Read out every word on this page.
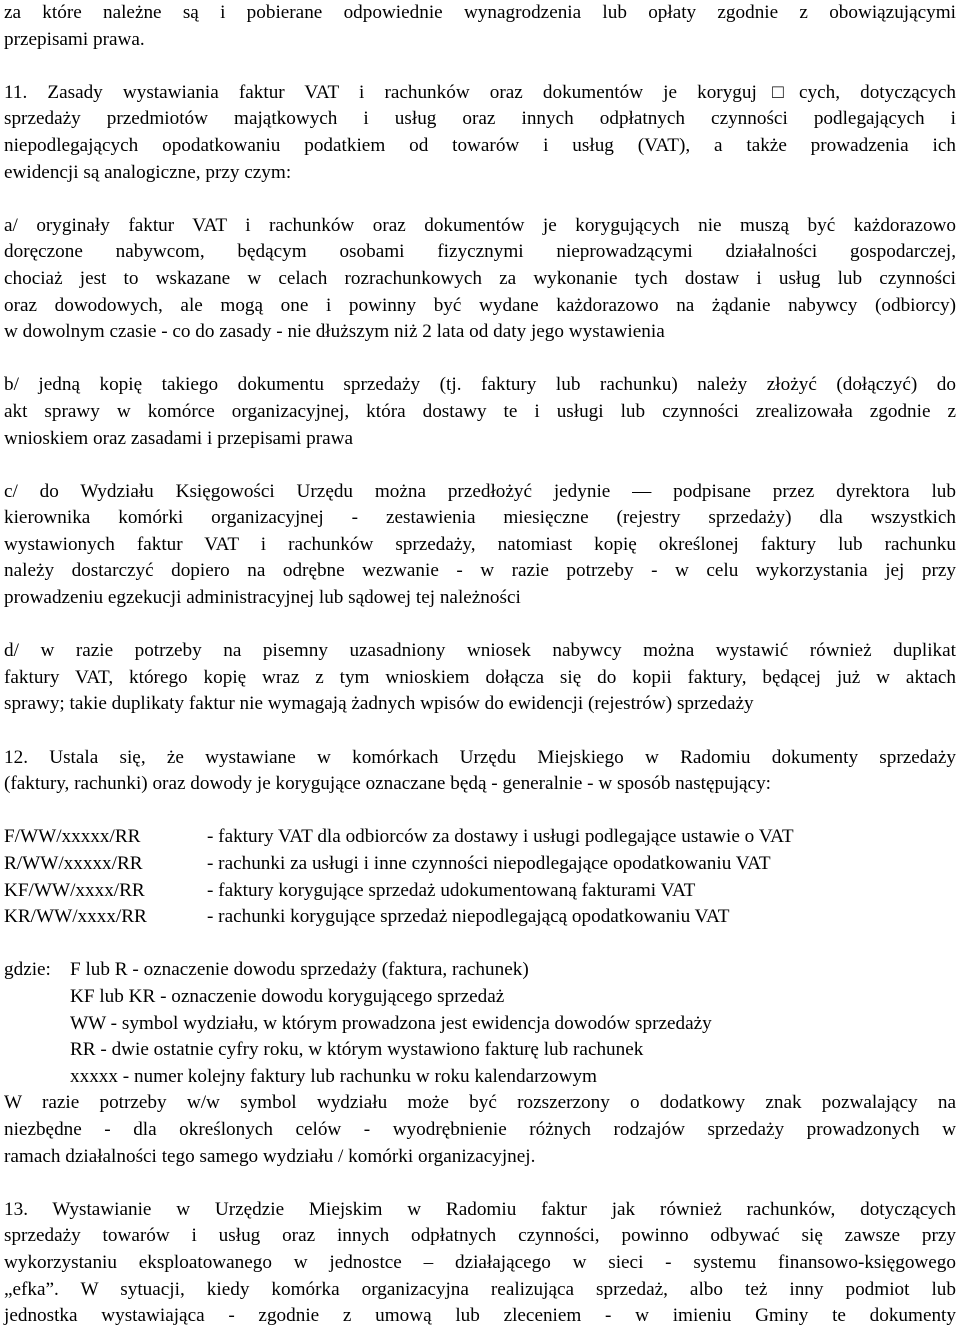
za które należne są i pobierane odpowiednie wynagrodzenia lub opłaty zgodnie z obowiązującymi
przepisami prawa.

11. Zasady wystawiania faktur VAT i rachunków oraz dokumentów je koryguj□cych, dotyczących
sprzedaży przedmiotów majątkowych i usług oraz innych odpłatnych czynności podlegających i
niepodlegających opodatkowaniu podatkiem od towarów i usług (VAT), a także prowadzenia ich
ewidencji są analogiczne, przy czym:

a/ oryginały faktur VAT i rachunków oraz dokumentów je korygujących nie muszą być każdorazowo
doręczone nabywcom, będącym osobami fizycznymi nieprowadzącymi działalności gospodarczej,
chociaż jest to wskazane w celach rozrachunkowych za wykonanie tych dostaw i usług lub czynności
oraz dowodowych, ale mogą one i powinny być wydane każdorazowo na żądanie nabywcy (odbiorcy)
w dowolnym czasie - co do zasady - nie dłuższym niż 2 lata od daty jego wystawienia

b/ jedną kopię takiego dokumentu sprzedaży (tj. faktury lub rachunku) należy złożyć (dołączyć) do
akt sprawy w komórce organizacyjnej, która dostawy te i usługi lub czynności zrealizowała zgodnie z
wnioskiem oraz zasadami i przepisami prawa

c/ do Wydziału Księgowości Urzędu można przedłożyć jedynie — podpisane przez dyrektora lub
kierownika komórki organizacyjnej - zestawienia miesięczne (rejestry sprzedaży) dla wszystkich
wystawionych faktur VAT i rachunków sprzedaży, natomiast kopię określonej faktury lub rachunku
należy dostarczyć dopiero na odrębne wezwanie - w razie potrzeby - w celu wykorzystania jej przy
prowadzeniu egzekucji administracyjnej lub sądowej tej należności

d/ w razie potrzeby na pisemny uzasadniony wniosek nabywcy można wystawić również duplikat
faktury VAT, którego kopię wraz z tym wnioskiem dołącza się do kopii faktury, będącej już w aktach
sprawy; takie duplikaty faktur nie wymagają żadnych wpisów do ewidencji (rejestrów) sprzedaży

12. Ustala się, że wystawiane w komórkach Urzędu Miejskiego w Radomiu dokumenty sprzedaży
(faktury, rachunki) oraz dowody je korygujące oznaczane będą - generalnie - w sposób następujący:

F/WW/xxxxx/RR	- faktury VAT dla odbiorców za dostawy i usługi podlegające ustawie o VAT
R/WW/xxxxx/RR	- rachunki za usługi i inne czynności niepodlegające opodatkowaniu VAT
KF/WW/xxxx/RR	- faktury korygujące sprzedaż udokumentowaną fakturami VAT
KR/WW/xxxx/RR	- rachunki korygujące sprzedaż niepodlegającą opodatkowaniu VAT
gdzie: F lub R - oznaczenie dowodu sprzedaży (faktura, rachunek)
KF lub KR - oznaczenie dowodu korygującego sprzedaż
WW - symbol wydziału, w którym prowadzona jest ewidencja dowodów sprzedaży
RR - dwie ostatnie cyfry roku, w którym wystawiono fakturę lub rachunek
xxxxx - numer kolejny faktury lub rachunku w roku kalendarzowym

W razie potrzeby w/w symbol wydziału może być rozszerzony o dodatkowy znak pozwalający na
niezbędne - dla określonych celów - wyodrębnienie różnych rodzajów sprzedaży prowadzonych w
ramach działalności tego samego wydziału / komórki organizacyjnej.

13. Wystawianie w Urzędzie Miejskim w Radomiu faktur jak również rachunków, dotyczących
sprzedaży towarów i usług oraz innych odpłatnych czynności, powinno odbywać się zawsze przy
wykorzystaniu eksploatowanego w jednostce – działającego w sieci - systemu finansowo-księgowego
„efka”. W sytuacji, kiedy komórka organizacyjna realizująca sprzedaż, albo też inny podmiot lub
jednostka wystawiająca - zgodnie z umową lub zleceniem - w imieniu Gminy te dokumenty
